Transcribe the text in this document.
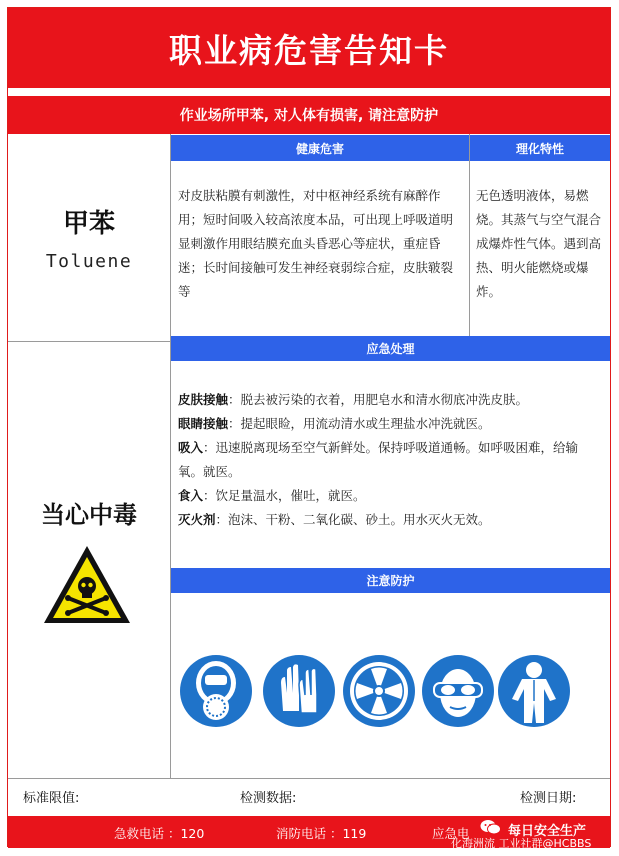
职业病危害告知卡
作业场所甲苯, 对人体有损害, 请注意防护
甲苯
Toluene
当心中毒
健康危害
对皮肤粘膜有刺激性，对中枢神经系统有麻醉作用；短时间吸入较高浓度本品，可出现上呼吸道明显刺激作用眼结膜充血头昏恶心等症状，重症昏迷；长时间接触可发生神经衰弱综合症，皮肤皲裂等
理化特性
无色透明液体，易燃烧。其蒸气与空气混合成爆炸性气体。遇到高热、明火能燃烧或爆炸。
应急处理
皮肤接触：脱去被污染的衣着，用肥皂水和清水彻底冲洗皮肤。
眼睛接触：提起眼睑，用流动清水或生理盐水冲洗就医。
吸入：迅速脱离现场至空气新鲜处。保持呼吸道通畅。如呼吸困难，给输氧。就医。
食入：饮足量温水，催吐，就医。
灭火剂：泡沫、干粉、二氧化碳、砂土。用水灭火无效。
注意防护
标准限值:	检测数据:	检测日期:
急救电话 ：120	消防电话 ：119	应急电	每日安全生产
化海洲流 工业社群@HCBBS
